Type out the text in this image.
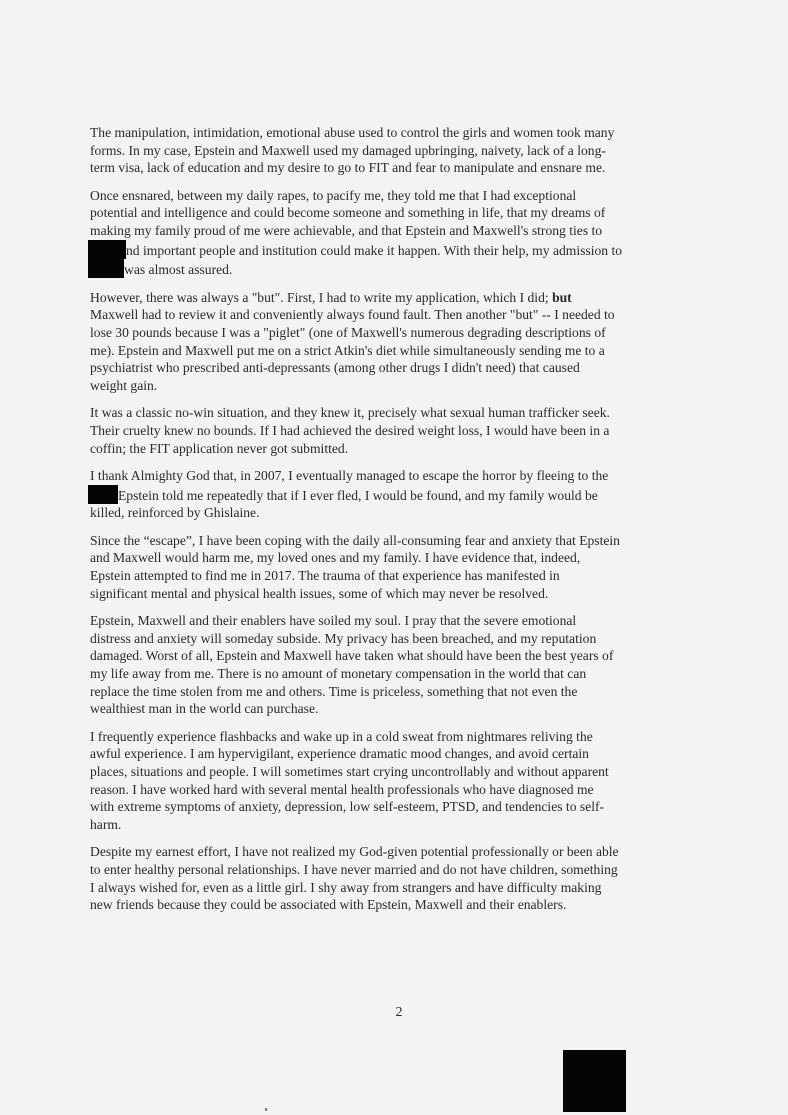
The manipulation, intimidation, emotional abuse used to control the girls and women took many
forms. In my case, Epstein and Maxwell used my damaged upbringing, naivety, lack of a long-
term visa, lack of education and my desire to go to FIT and fear to manipulate and ensnare me.

Once ensnared, between my daily rapes, to pacify me, they told me that I had exceptional
potential and intelligence and could become someone and something in life, that my dreams of
making my family proud of me were achievable, and that Epstein and Maxwell's strong ties to
nd important people and institution could make it happen. With their help, my admission to
was almost assured.

However, there was always a "but". First, I had to write my application, which I did; but
Maxwell had to review it and conveniently always found fault. Then another "but" -- I needed to
lose 30 pounds because I was a "piglet" (one of Maxwell's numerous degrading descriptions of
me). Epstein and Maxwell put me on a strict Atkin's diet while simultaneously sending me to a
psychiatrist who prescribed anti-depressants (among other drugs I didn't need) that caused
weight gain.

It was a classic no-win situation, and they knew it, precisely what sexual human trafficker seek.
Their cruelty knew no bounds. If I had achieved the desired weight loss, I would have been in a
coffin; the FIT application never got submitted.

I thank Almighty God that, in 2007, I eventually managed to escape the horror by fleeing to the
Epstein told me repeatedly that if I ever fled, I would be found, and my family would be
killed, reinforced by Ghislaine.

Since the “escape”, I have been coping with the daily all-consuming fear and anxiety that Epstein
and Maxwell would harm me, my loved ones and my family. I have evidence that, indeed,
Epstein attempted to find me in 2017. The trauma of that experience has manifested in
significant mental and physical health issues, some of which may never be resolved.

Epstein, Maxwell and their enablers have soiled my soul. I pray that the severe emotional
distress and anxiety will someday subside. My privacy has been breached, and my reputation
damaged. Worst of all, Epstein and Maxwell have taken what should have been the best years of
my life away from me. There is no amount of monetary compensation in the world that can
replace the time stolen from me and others. Time is priceless, something that not even the
wealthiest man in the world can purchase.

I frequently experience flashbacks and wake up in a cold sweat from nightmares reliving the
awful experience. I am hypervigilant, experience dramatic mood changes, and avoid certain
places, situations and people. I will sometimes start crying uncontrollably and without apparent
reason. I have worked hard with several mental health professionals who have diagnosed me
with extreme symptoms of anxiety, depression, low self-esteem, PTSD, and tendencies to self-
harm.

Despite my earnest effort, I have not realized my God-given potential professionally or been able
to enter healthy personal relationships. I have never married and do not have children, something
I always wished for, even as a little girl. I shy away from strangers and have difficulty making
new friends because they could be associated with Epstein, Maxwell and their enablers.

2
